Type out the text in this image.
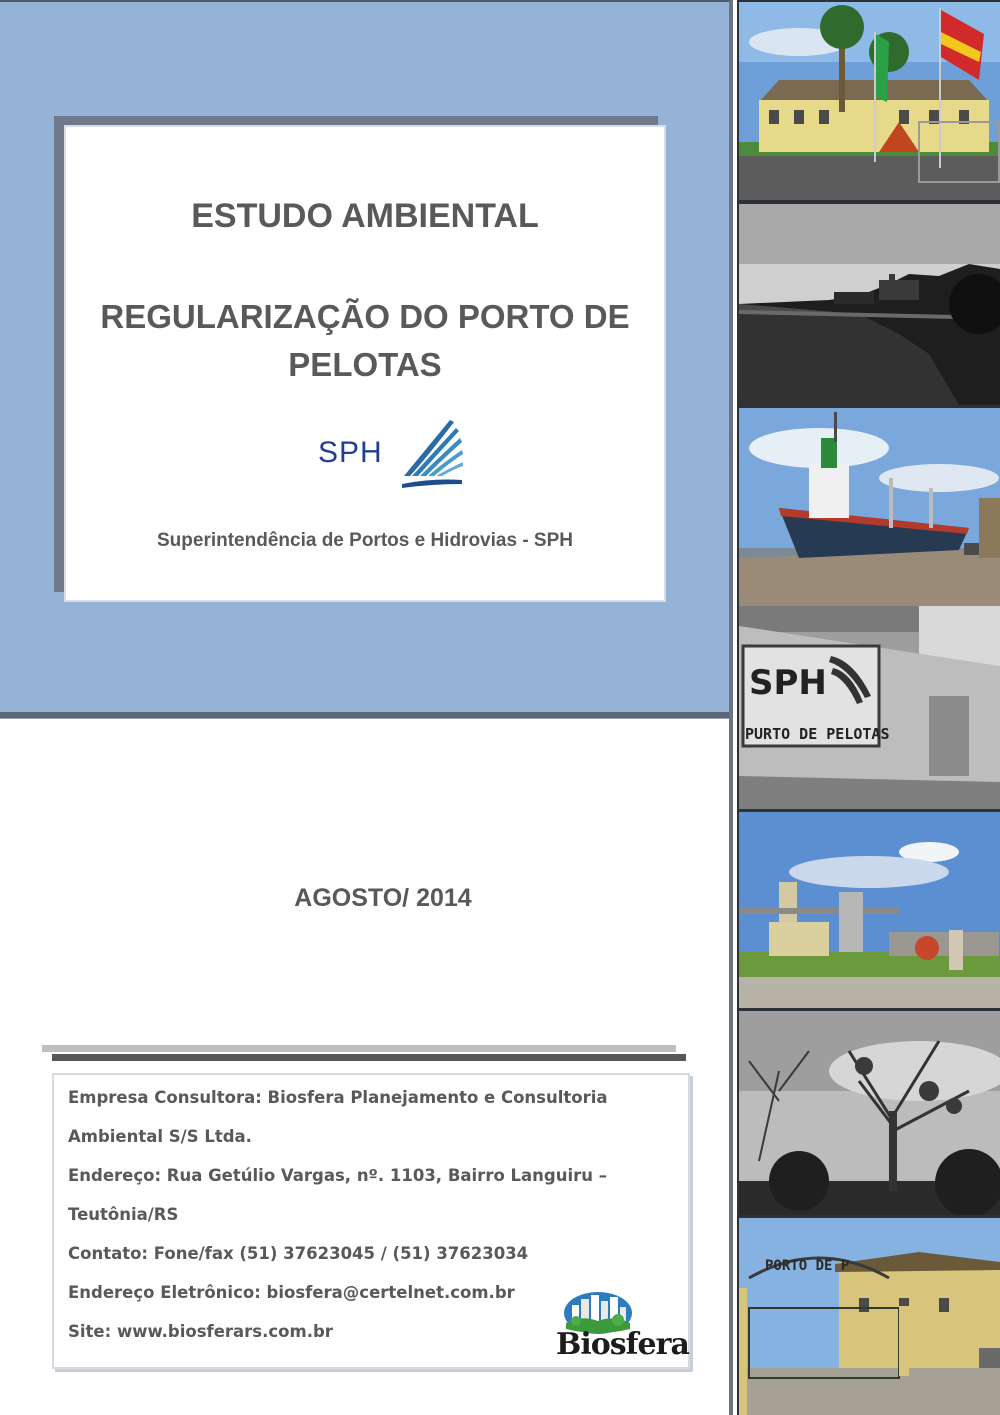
ESTUDO AMBIENTAL
REGULARIZAÇÃO DO PORTO DE PELOTAS
SPH

Superintendência de Portos e Hidrovias - SPH

AGOSTO/ 2014

Empresa Consultora: Biosfera Planejamento e Consultoria

Ambiental S/S Ltda.

Endereço: Rua Getúlio Vargas, nº. 1103, Bairro Languiru –

Teutônia/RS

Contato: Fone/fax (51) 37623045 / (51) 37623034

Endereço Eletrônico: biosfera@certelnet.com.br

Site: www.biosferars.com.br	Biosfera
SPH
PURTO DE PELOTAS
PORTO DE P
